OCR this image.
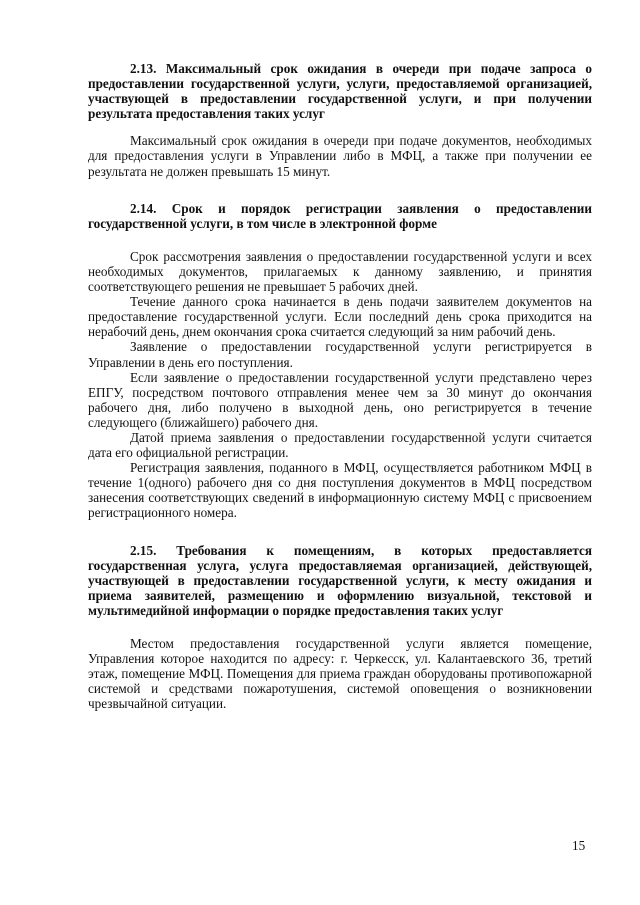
2.13. Максимальный срок ожидания в очереди при подаче запроса о предоставлении государственной услуги, услуги, предоставляемой организацией, участвующей в предоставлении государственной услуги, и при получении результата предоставления таких услуг

Максимальный срок ожидания в очереди при подаче документов, необходимых для предоставления услуги в Управлении либо в МФЦ, а также при получении ее результата не должен превышать 15 минут.

2.14. Срок и порядок регистрации заявления о предоставлении государственной услуги, в том числе в электронной форме

Срок рассмотрения заявления о предоставлении государственной услуги и всех необходимых документов, прилагаемых к данному заявлению, и принятия соответствующего решения не превышает 5 рабочих дней.

Течение данного срока начинается в день подачи заявителем документов на предоставление государственной услуги. Если последний день срока приходится на нерабочий день, днем окончания срока считается следующий за ним рабочий день.

Заявление о предоставлении государственной услуги регистрируется в Управлении в день его поступления.

Если заявление о предоставлении государственной услуги представлено через ЕПГУ, посредством почтового отправления менее чем за 30 минут до окончания рабочего дня, либо получено в выходной день, оно регистрируется в течение следующего (ближайшего) рабочего дня.

Датой приема заявления о предоставлении государственной услуги считается дата его официальной регистрации.

Регистрация заявления, поданного в МФЦ, осуществляется работником МФЦ в течение 1(одного) рабочего дня со дня поступления документов в МФЦ посредством занесения соответствующих сведений в информационную систему МФЦ с присвоением регистрационного номера.

2.15. Требования к помещениям, в которых предоставляется государственная услуга, услуга предоставляемая организацией, действующей, участвующей в предоставлении государственной услуги, к месту ожидания и приема заявителей, размещению и оформлению визуальной, текстовой и мультимедийной информации о порядке предоставления таких услуг

Местом предоставления государственной услуги является помещение, Управления которое находится по адресу: г. Черкесск, ул. Калантаевского 36, третий этаж, помещение МФЦ. Помещения для приема граждан оборудованы противопожарной системой и средствами пожаротушения, системой оповещения о возникновении чрезвычайной ситуации.

15
